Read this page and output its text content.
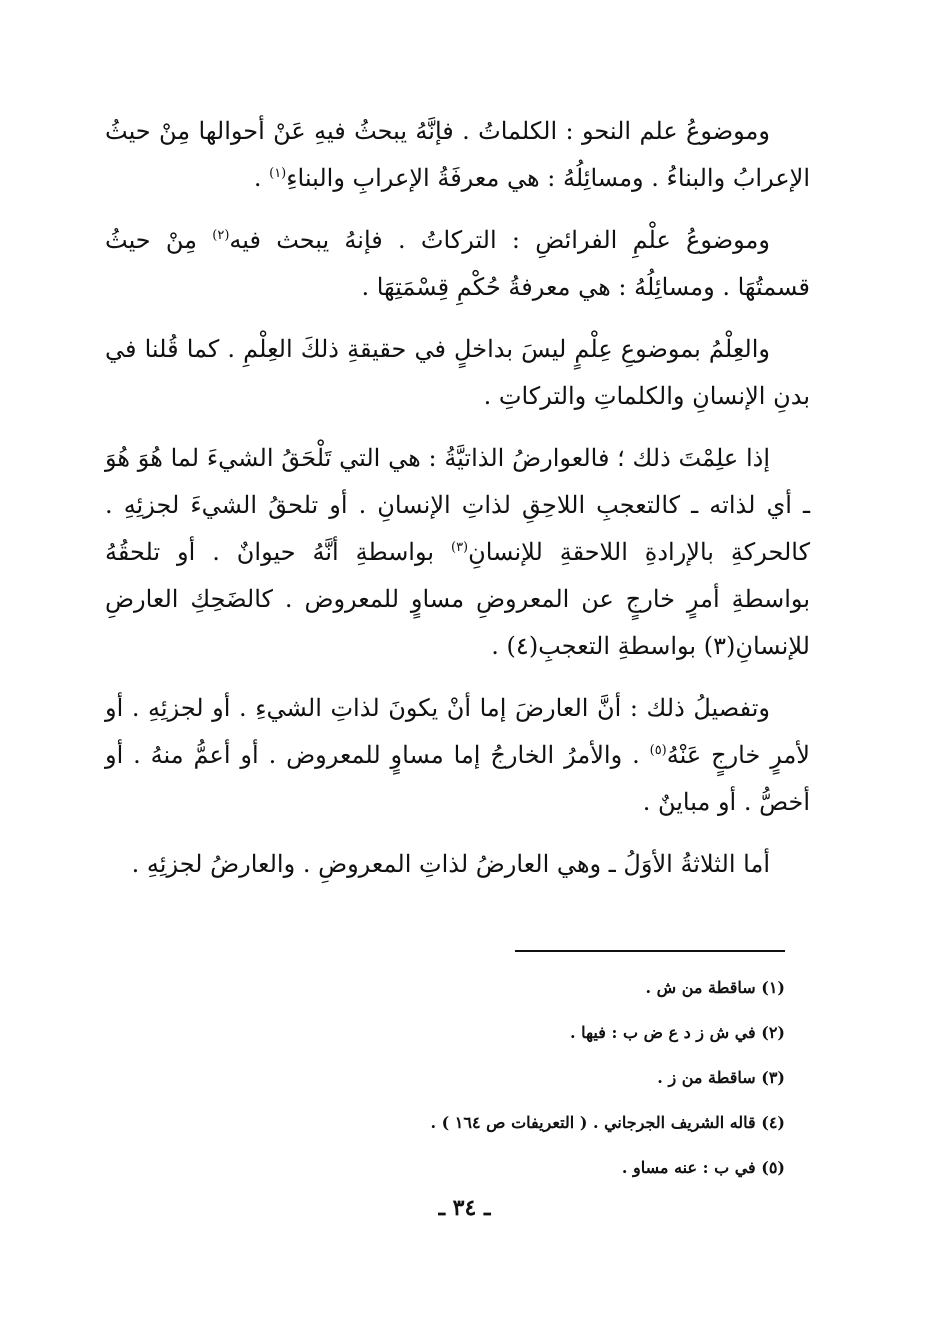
وموضوعُ علم النحو : الكلماتُ . فإنَّهُ يبحثُ فيهِ عَنْ أحوالها مِنْ حيثُ الإعرابُ والبناءُ . ومسائِلُهُ : هي معرفَةُ الإعرابِ والبناءِ$^{(١)}$ .

وموضوعُ علْمِ الفرائضِ : التركاتُ . فإنهُ يبحث فيه$^{(٢)}$ مِنْ حيثُ قسمتُهَا . ومسائِلُهُ : هي معرفةُ حُكْمِ قِسْمَتِهَا .

والعِلْمُ بموضوعِ عِلْمٍ ليسَ بداخلٍ في حقيقةِ ذلكَ العِلْمِ . كما قُلنا في بدنِ الإنسانِ والكلماتِ والتركاتِ .

إذا علِمْتَ ذلك ؛ فالعوارضُ الذاتيَّةُ : هي التي تَلْحَقُ الشيءَ لما هُوَ هُوَ ـ أي لذاته ـ كالتعجبِ اللاحِقِ لذاتِ الإنسانِ . أو تلحقُ الشيءَ لجزئِهِ . كالحركةِ بالإرادةِ اللاحقةِ للإنسانِ$^{(٣)}$ بواسطةِ أنَّهُ حيوانٌ . أو تلحقُهُ بواسطةِ أمرٍ خارجٍ عن المعروضِ مساوٍ للمعروض . كالضَحِكِ العارضِ للإنسانِ(٣) بواسطةِ التعجبِ(٤) .

وتفصيلُ ذلك : أنَّ العارضَ إما أنْ يكونَ لذاتِ الشيءِ . أو لجزئِهِ . أو لأمرٍ خارجٍ عَنْهُ$^{(٥)}$ . والأمرُ الخارجُ إما مساوٍ للمعروض . أو أعمُّ منهُ . أو أخصُّ . أو مباينٌ .

أما الثلاثةُ الأوَلُ ـ وهي العارضُ لذاتِ المعروضِ . والعارضُ لجزئِهِ .

(١) ساقطة من ش .

(٢) في ش ز د ع ض ب : فيها .

(٣) ساقطة من ز .

(٤) قاله الشريف الجرجاني . ( التعريفات ص ١٦٤ ) .

(٥) في ب : عنه مساو .

ـ ٣٤ ـ
